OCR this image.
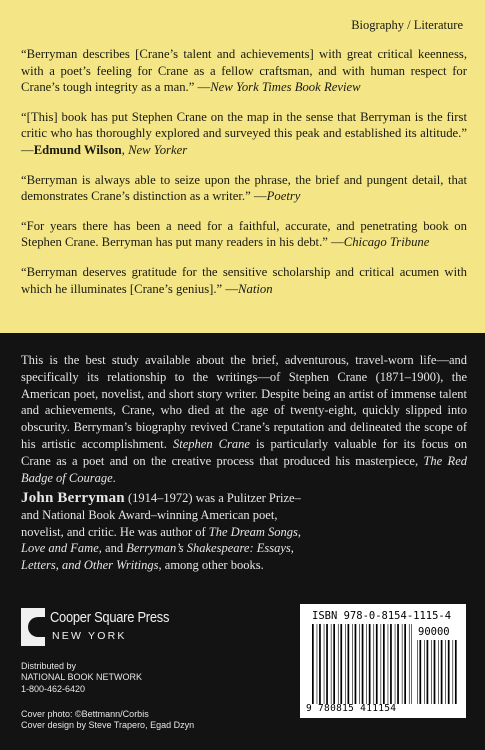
Biography / Literature

“Berryman describes [Crane’s talent and achievements] with great critical keenness, with a poet’s feeling for Crane as a fellow craftsman, and with human respect for Crane’s tough integrity as a man.” —New York Times Book Review

“[This] book has put Stephen Crane on the map in the sense that Berryman is the first critic who has thoroughly explored and surveyed this peak and established its altitude.” —Edmund Wilson, New Yorker

“Berryman is always able to seize upon the phrase, the brief and pungent detail, that demonstrates Crane’s distinction as a writer.” —Poetry

“For years there has been a need for a faithful, accurate, and penetrating book on Stephen Crane. Berryman has put many readers in his debt.” —Chicago Tribune

“Berryman deserves gratitude for the sensitive scholarship and critical acumen with which he illuminates [Crane’s genius].” —Nation

This is the best study available about the brief, adventurous, travel-worn life—and specifically its relationship to the writings—of Stephen Crane (1871–1900), the American poet, novelist, and short story writer. Despite being an artist of immense talent and achievements, Crane, who died at the age of twenty-eight, quickly slipped into obscurity. Berryman’s biography revived Crane’s reputation and delineated the scope of his artistic accomplishment. Stephen Crane is particularly valuable for its focus on Crane as a poet and on the creative process that produced his masterpiece, The Red Badge of Courage.

John Berryman (1914–1972) was a Pulitzer Prize– and National Book Award–winning American poet, novelist, and critic. He was author of The Dream Songs, Love and Fame, and Berryman’s Shakespeare: Essays, Letters, and Other Writings, among other books.

Cooper Square Press
NEW YORK
Distributed by
NATIONAL BOOK NETWORK
1-800-462-6420
Cover photo: ©Bettmann/Corbis
Cover design by Steve Trapero, Egad Dzyn
ISBN 978-0-8154-1115-4
90000
9 780815 411154
